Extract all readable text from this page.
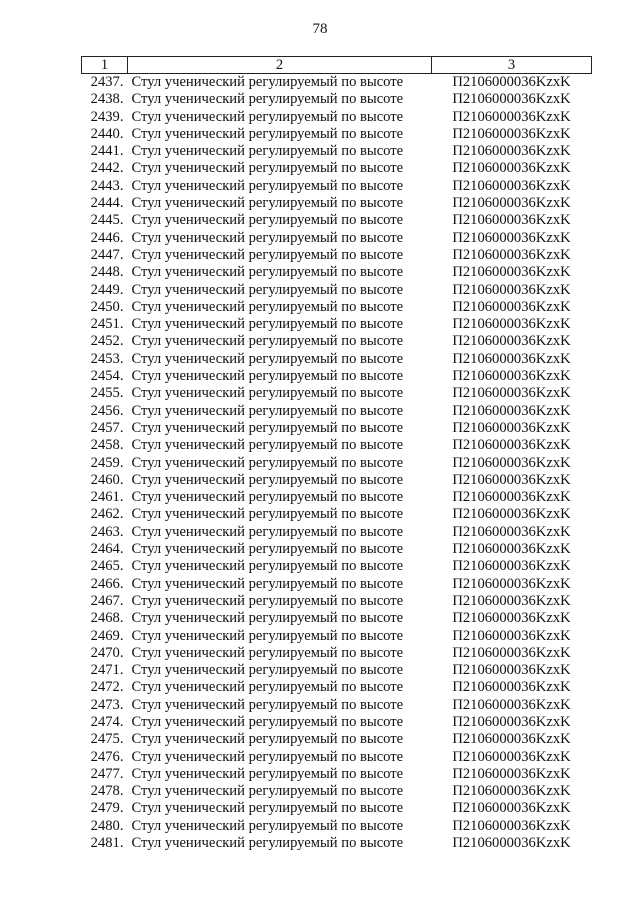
78
1	2	3
2437.	Стул ученический регулируемый по высоте	П2106000036KzxK
2438.	Стул ученический регулируемый по высоте	П2106000036KzxK
2439.	Стул ученический регулируемый по высоте	П2106000036KzxK
2440.	Стул ученический регулируемый по высоте	П2106000036KzxK
2441.	Стул ученический регулируемый по высоте	П2106000036KzxK
2442.	Стул ученический регулируемый по высоте	П2106000036KzxK
2443.	Стул ученический регулируемый по высоте	П2106000036KzxK
2444.	Стул ученический регулируемый по высоте	П2106000036KzxK
2445.	Стул ученический регулируемый по высоте	П2106000036KzxK
2446.	Стул ученический регулируемый по высоте	П2106000036KzxK
2447.	Стул ученический регулируемый по высоте	П2106000036KzxK
2448.	Стул ученический регулируемый по высоте	П2106000036KzxK
2449.	Стул ученический регулируемый по высоте	П2106000036KzxK
2450.	Стул ученический регулируемый по высоте	П2106000036KzxK
2451.	Стул ученический регулируемый по высоте	П2106000036KzxK
2452.	Стул ученический регулируемый по высоте	П2106000036KzxK
2453.	Стул ученический регулируемый по высоте	П2106000036KzxK
2454.	Стул ученический регулируемый по высоте	П2106000036KzxK
2455.	Стул ученический регулируемый по высоте	П2106000036KzxK
2456.	Стул ученический регулируемый по высоте	П2106000036KzxK
2457.	Стул ученический регулируемый по высоте	П2106000036KzxK
2458.	Стул ученический регулируемый по высоте	П2106000036KzxK
2459.	Стул ученический регулируемый по высоте	П2106000036KzxK
2460.	Стул ученический регулируемый по высоте	П2106000036KzxK
2461.	Стул ученический регулируемый по высоте	П2106000036KzxK
2462.	Стул ученический регулируемый по высоте	П2106000036KzxK
2463.	Стул ученический регулируемый по высоте	П2106000036KzxK
2464.	Стул ученический регулируемый по высоте	П2106000036KzxK
2465.	Стул ученический регулируемый по высоте	П2106000036KzxK
2466.	Стул ученический регулируемый по высоте	П2106000036KzxK
2467.	Стул ученический регулируемый по высоте	П2106000036KzxK
2468.	Стул ученический регулируемый по высоте	П2106000036KzxK
2469.	Стул ученический регулируемый по высоте	П2106000036KzxK
2470.	Стул ученический регулируемый по высоте	П2106000036KzxK
2471.	Стул ученический регулируемый по высоте	П2106000036KzxK
2472.	Стул ученический регулируемый по высоте	П2106000036KzxK
2473.	Стул ученический регулируемый по высоте	П2106000036KzxK
2474.	Стул ученический регулируемый по высоте	П2106000036KzxK
2475.	Стул ученический регулируемый по высоте	П2106000036KzxK
2476.	Стул ученический регулируемый по высоте	П2106000036KzxK
2477.	Стул ученический регулируемый по высоте	П2106000036KzxK
2478.	Стул ученический регулируемый по высоте	П2106000036KzxK
2479.	Стул ученический регулируемый по высоте	П2106000036KzxK
2480.	Стул ученический регулируемый по высоте	П2106000036KzxK
2481.	Стул ученический регулируемый по высоте	П2106000036KzxK
